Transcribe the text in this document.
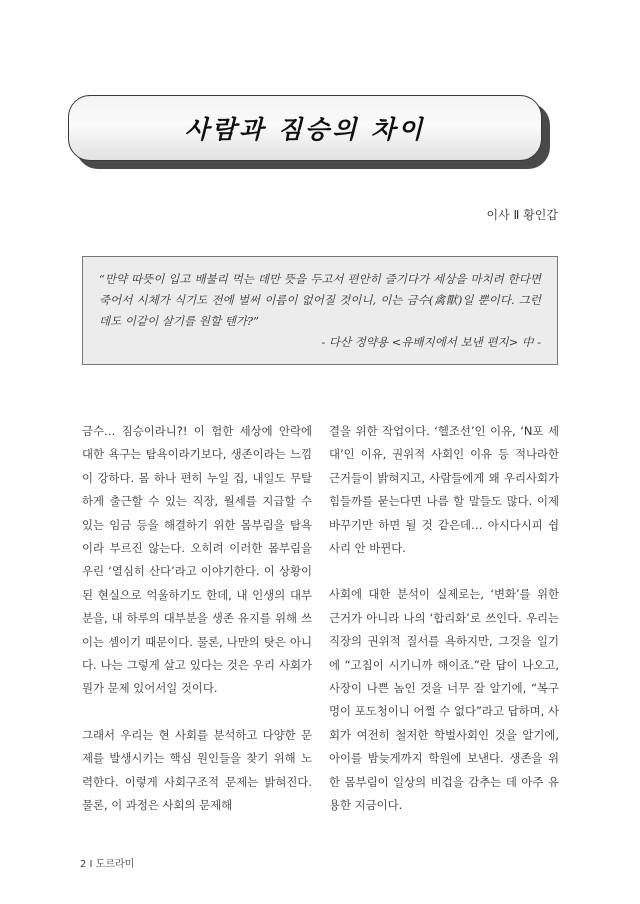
사람과 짐승의 차이
이사 Ⅱ 황인갑

“만약 따뜻이 입고 배불리 먹는 데만 뜻을 두고서 편안히 즐기다가 세상을 마치려 한다면 죽어서 시체가 식기도 전에 벌써 이름이 없어질 것이니, 이는 금수(禽獸)일 뿐이다. 그런데도 이같이 살기를 원할 텐가?”

- 다산 정약용 <유배지에서 보낸 편지> 中 -

금수… 짐승이라니?! 이 험한 세상에 안락에 대한 욕구는 탐욕이라기보다, 생존이라는 느낌이 강하다. 몸 하나 편히 누일 집, 내일도 무탈하게 출근할 수 있는 직장, 월세를 지급할 수 있는 임금 등을 해결하기 위한 몸부림을 탐욕이라 부르진 않는다. 오히려 이러한 몸부림을 우린 ‘열심히 산다’라고 이야기한다. 이 상황이 된 현실으로 억울하기도 한데, 내 인생의 대부분을, 내 하루의 대부분을 생존 유지를 위해 쓰이는 셈이기 때문이다. 물론, 나만의 탓은 아니다. 나는 그렇게 살고 있다는 것은 우리 사회가 뭔가 문제 있어서일 것이다.

그래서 우리는 현 사회를 분석하고 다양한 문제를 발생시키는 핵심 원인들을 찾기 위해 노력한다. 이렇게 사회구조적 문제는 밝혀진다. 물론, 이 과정은 사회의 문제해

결을 위한 작업이다. ‘헬조선’인 이유, ‘N포 세대’인 이유, 권위적 사회인 이유 등 적나라한 근거들이 밝혀지고, 사람들에게 왜 우리사회가 힘들까를 묻는다면 나름 할 말들도 많다. 이제 바꾸기만 하면 될 것 같은데… 아시다시피 쉽사리 안 바뀐다.

사회에 대한 분석이 실제로는, ‘변화’를 위한 근거가 아니라 나의 ‘합리화’로 쓰인다. 우리는 직장의 권위적 질서를 욕하지만, 그것을 일기에 “고칩이 시기니까 해이죠.”란 답이 나오고, 사장이 나쁜 놈인 것을 너무 잘 알기에, “복구멍이 포도청이니 어쩔 수 없다”라고 답하며, 사회가 여전히 철저한 학벌사회인 것을 알기에, 아이를 밤늦게까지 학원에 보낸다. 생존을 위한 몸부림이 일상의 비겁을 감추는 데 아주 유용한 지금이다.

2 Ⅰ 도르라미
